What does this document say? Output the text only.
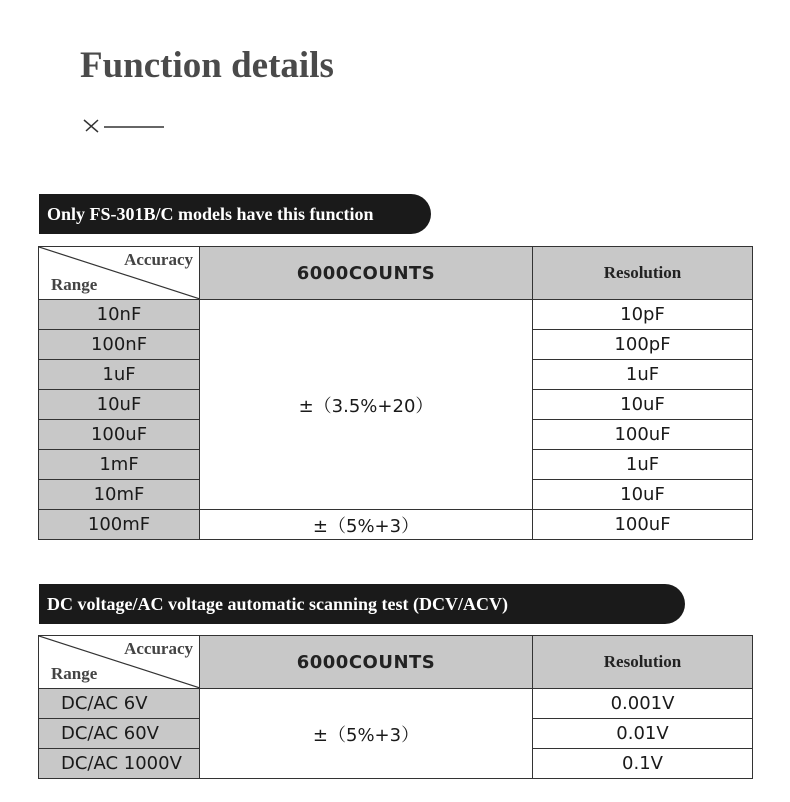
Function details
Only FS-301B/C models have this function
Accuracy
Range	6000COUNTS	Resolution
10nF	±（3.5%+20）	10pF
100nF		100pF
1uF		1uF
10uF		10uF
100uF		100uF
1mF		1uF
10mF		10uF
100mF	±（5%+3）	100uF
DC voltage/AC voltage automatic scanning test (DCV/ACV)
Accuracy
Range	6000COUNTS	Resolution
DC/AC 6V	±（5%+3）	0.001V
DC/AC 60V		0.01V
DC/AC 1000V		0.1V
